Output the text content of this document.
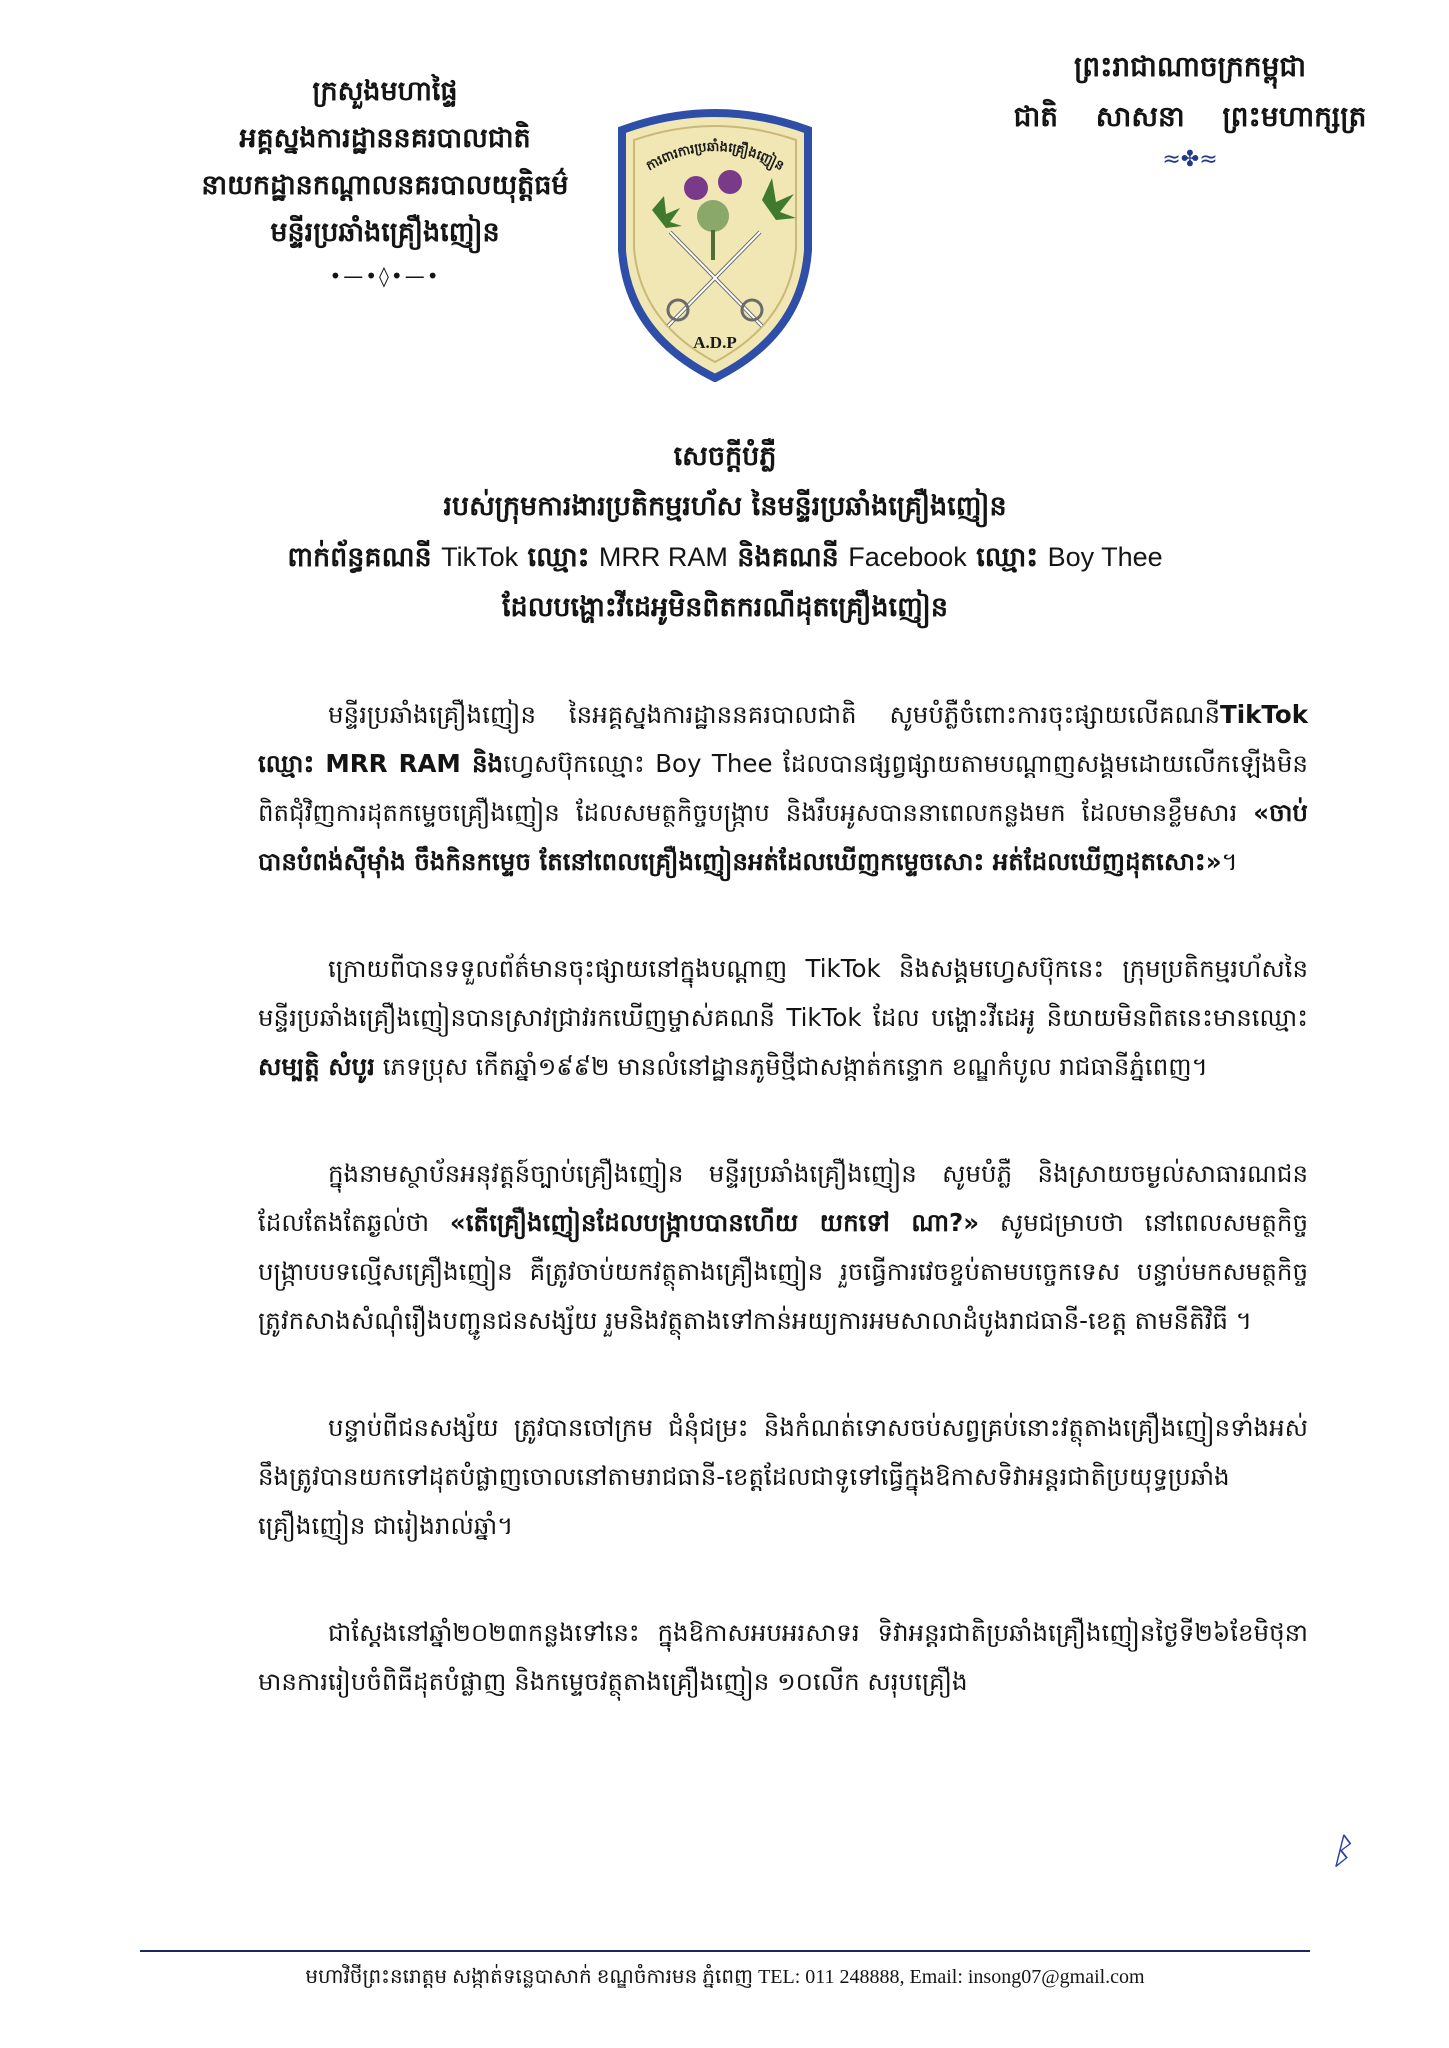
ក្រសួងមហាផ្ទៃ
អគ្គស្នងការដ្ឋាននគរបាលជាតិ
នាយកដ្ឋានកណ្តាលនគរបាលយុត្តិធម៌
មន្ទីរប្រឆាំងគ្រឿងញៀន
•—•◊•—•
ការពារការប្រឆាំងគ្រឿងញៀន
A.D.P
ព្រះរាជាណាចក្រកម្ពុជា
ជាតិ សាសនា ព្រះមហាក្សត្រ
≈✤≈
សេចក្តីបំភ្លឺ
របស់ក្រុមការងារប្រតិកម្មរហ័ស នៃមន្ទីរប្រឆាំងគ្រឿងញៀន
ពាក់ព័ន្ធគណនី TikTok ឈ្មោះ MRR RAM និងគណនី Facebook ឈ្មោះ Boy Thee
ដែលបង្ហោះវីដេអូមិនពិតករណីដុតគ្រឿងញៀន

មន្ទីរប្រឆាំងគ្រឿងញៀន នៃអគ្គស្នងការដ្ឋាននគរបាលជាតិ សូមបំភ្លឺចំពោះការចុះផ្សាយលើគណនីTikTok ឈ្មោះ MRR RAM និងហ្វេសប៊ុកឈ្មោះ Boy Thee ដែលបានផ្សព្វផ្សាយតាមបណ្តាញសង្គមដោយលើកឡើងមិនពិតជុំវិញការដុតកម្ទេចគ្រឿងញៀន ដែលសមត្ថកិច្ចបង្ក្រាប និងរឹបអូសបាននាពេលកន្លងមក ដែលមានខ្លឹមសារ «ចាប់បានបំពង់ស៊ីម៉ាំង ចឹងកិនកម្ទេច តែនៅពេលគ្រឿងញៀនអត់ដែលឃើញកម្ទេចសោះ អត់ដែលឃើញដុតសោះ»។

ក្រោយពីបានទទួលព័ត៌មានចុះផ្សាយនៅក្នុងបណ្តាញ TikTok និងសង្គមហ្វេសប៊ុកនេះ ក្រុមប្រតិកម្មរហ័សនៃមន្ទីរប្រឆាំងគ្រឿងញៀនបានស្រាវជ្រាវរកឃើញម្ចាស់គណនី TikTok ដែល បង្ហោះវីដេអូ និយាយមិនពិតនេះមានឈ្មោះ សម្បត្តិ សំបូរ ភេទប្រុស កើតឆ្នាំ១៩៩២ មានលំនៅដ្ឋានភូមិថ្មីជាសង្កាត់កន្ទោក ខណ្ឌកំបូល រាជធានីភ្នំពេញ។

ក្នុងនាមស្ថាប័នអនុវត្តន៍ច្បាប់គ្រឿងញៀន មន្ទីរប្រឆាំងគ្រឿងញៀន សូមបំភ្លឺ និងស្រាយចម្ងល់សាធារណជន ដែលតែងតែឆ្ងល់ថា «តើគ្រឿងញៀនដែលបង្ក្រាបបានហើយ យកទៅ ណា?» សូមជម្រាបថា នៅពេលសមត្ថកិច្ចបង្ក្រាបបទល្មើសគ្រឿងញៀន គឺត្រូវចាប់យកវត្ថុតាងគ្រឿងញៀន រួចធ្វើការវេចខ្ចប់តាមបច្ចេកទេស បន្ទាប់មកសមត្ថកិច្ចត្រូវកសាងសំណុំរឿងបញ្ជូនជនសង្ស័យ រួមនិងវត្ថុតាងទៅកាន់អយ្យការអមសាលាដំបូងរាជធានី-ខេត្ត តាមនីតិវិធី ។

បន្ទាប់ពីជនសង្ស័យ ត្រូវបានចៅក្រម ជំនុំជម្រះ និងកំណត់ទោសចប់សព្វគ្រប់នោះវត្ថុតាងគ្រឿងញៀនទាំងអស់ នឹងត្រូវបានយកទៅដុតបំផ្លាញចោលនៅតាមរាជធានី-ខេត្តដែលជាទូទៅធ្វើក្នុងឱកាសទិវាអន្តរជាតិប្រយុទ្ធប្រឆាំងគ្រឿងញៀន ជារៀងរាល់ឆ្នាំ។

ជាស្តែងនៅឆ្នាំ២០២៣កន្លងទៅនេះ ក្នុងឱកាសអបអរសាទរ ទិវាអន្តរជាតិប្រឆាំងគ្រឿងញៀនថ្ងៃទី២៦ខែមិថុនា មានការរៀបចំពិធីដុតបំផ្លាញ និងកម្ទេចវត្ថុតាងគ្រឿងញៀន ១០លើក សរុបគ្រឿង

ᛒ
មហាវិថីព្រះនរោត្តម សង្កាត់ទន្លេបាសាក់ ខណ្ឌចំការមន ភ្នំពេញ TEL: 011 248888, Email: insong07@gmail.com
